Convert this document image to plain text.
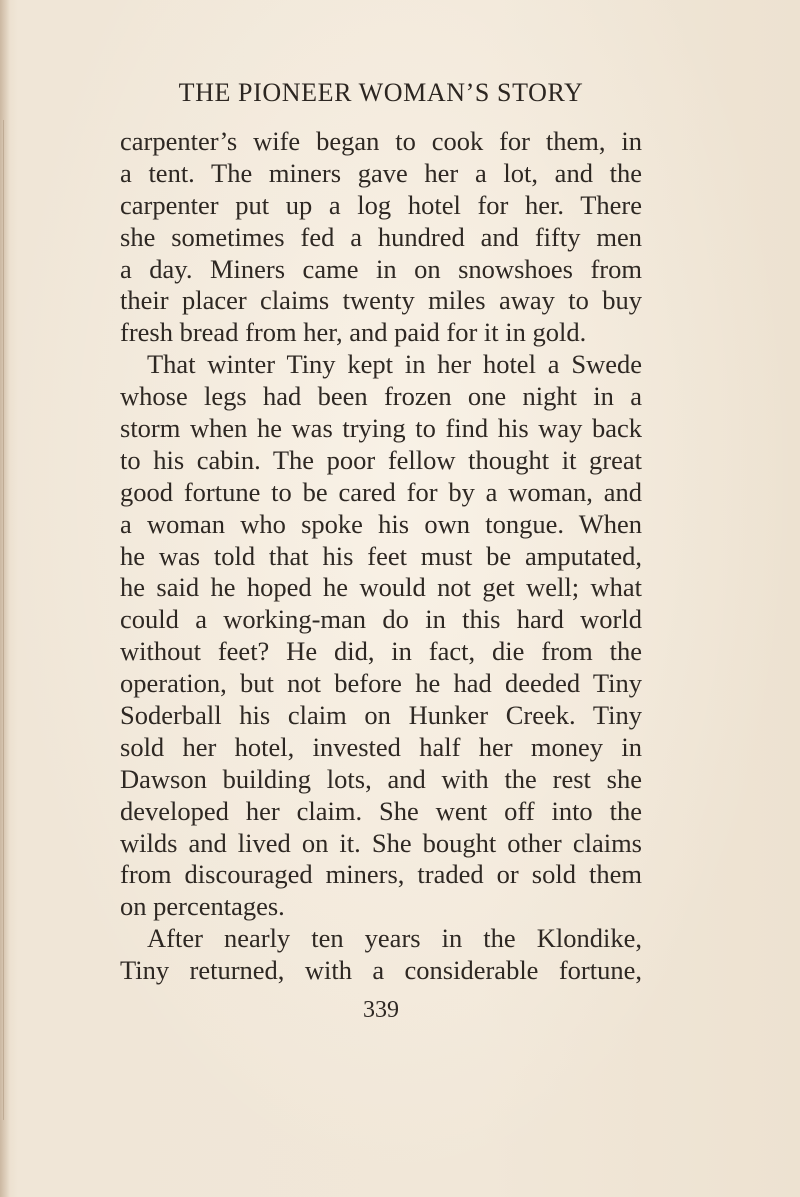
THE PIONEER WOMAN’S STORY
carpenter’s wife began to cook for them, in
a tent. The miners gave her a lot, and the
carpenter put up a log hotel for her. There
she sometimes fed a hundred and fifty men
a day. Miners came in on snowshoes from
their placer claims twenty miles away to buy
fresh bread from her, and paid for it in gold.
That winter Tiny kept in her hotel a Swede
whose legs had been frozen one night in a
storm when he was trying to find his way back
to his cabin. The poor fellow thought it great
good fortune to be cared for by a woman, and
a woman who spoke his own tongue. When
he was told that his feet must be amputated,
he said he hoped he would not get well; what
could a working-man do in this hard world
without feet? He did, in fact, die from the
operation, but not before he had deeded Tiny
Soderball his claim on Hunker Creek. Tiny
sold her hotel, invested half her money in
Dawson building lots, and with the rest she
developed her claim. She went off into the
wilds and lived on it. She bought other claims
from discouraged miners, traded or sold them
on percentages.
After nearly ten years in the Klondike,
Tiny returned, with a considerable fortune,
339
